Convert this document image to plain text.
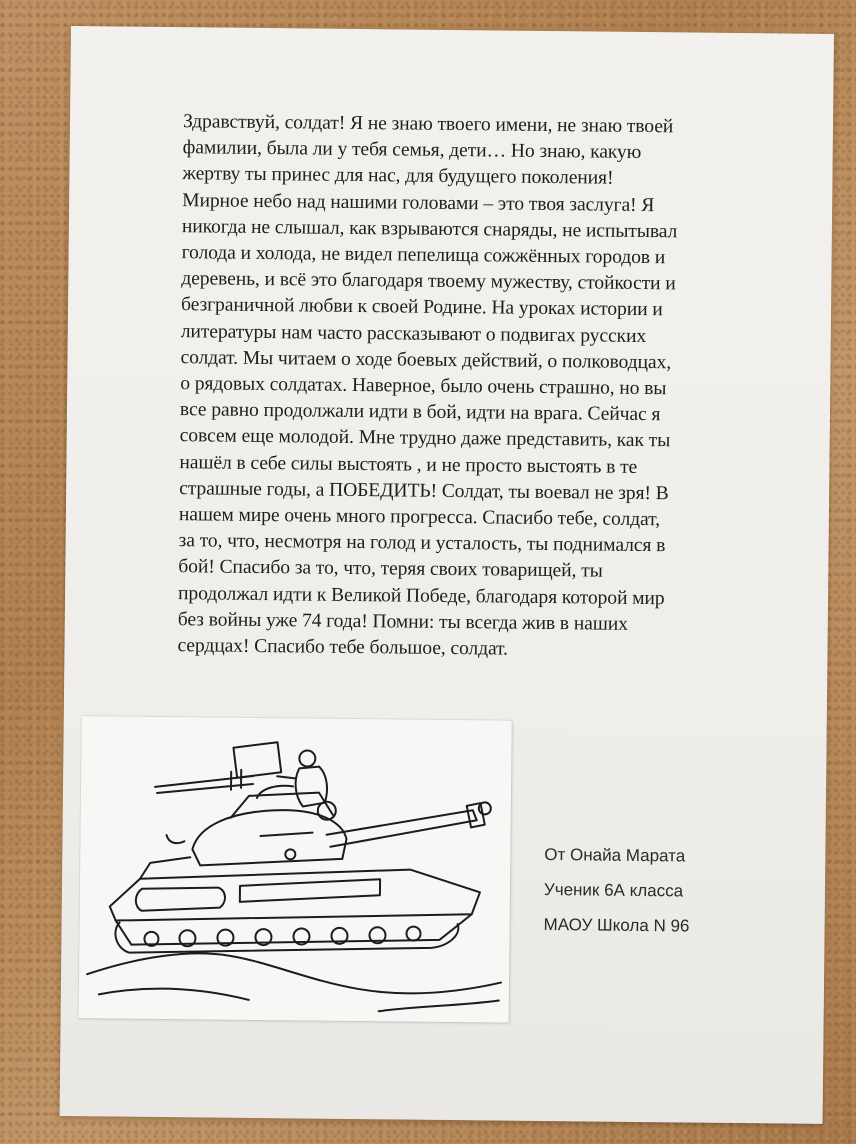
Здравствуй, солдат! Я не знаю твоего имени, не знаю твоей
фамилии, была ли у тебя семья, дети… Но знаю, какую
жертву ты принес для нас, для будущего поколения!
Мирное небо над нашими головами – это твоя заслуга! Я
никогда не слышал, как взрываются снаряды, не испытывал
голода и холода, не видел пепелища сожжённых городов и
деревень, и всё это благодаря твоему мужеству, стойкости и
безграничной любви к своей Родине. На уроках истории и
литературы нам часто рассказывают о подвигах русских
солдат. Мы читаем о ходе боевых действий, о полководцах,
о рядовых солдатах. Наверное, было очень страшно, но вы
все равно продолжали идти в бой, идти на врага. Сейчас я
совсем еще молодой. Мне трудно даже представить, как ты
нашёл в себе силы выстоять , и не просто выстоять в те
страшные годы, а ПОБЕДИТЬ! Солдат, ты воевал не зря! В
нашем мире очень много прогресса. Спасибо тебе, солдат,
за то, что, несмотря на голод и усталость, ты поднимался в
бой! Спасибо за то, что, теряя своих товарищей, ты
продолжал идти к Великой Победе, благодаря которой мир
без войны уже 74 года! Помни: ты всегда жив в наших
сердцах! Спасибо тебе большое, солдат.
От Онайа Марата
Ученик 6А класса
МАОУ Школа N 96
